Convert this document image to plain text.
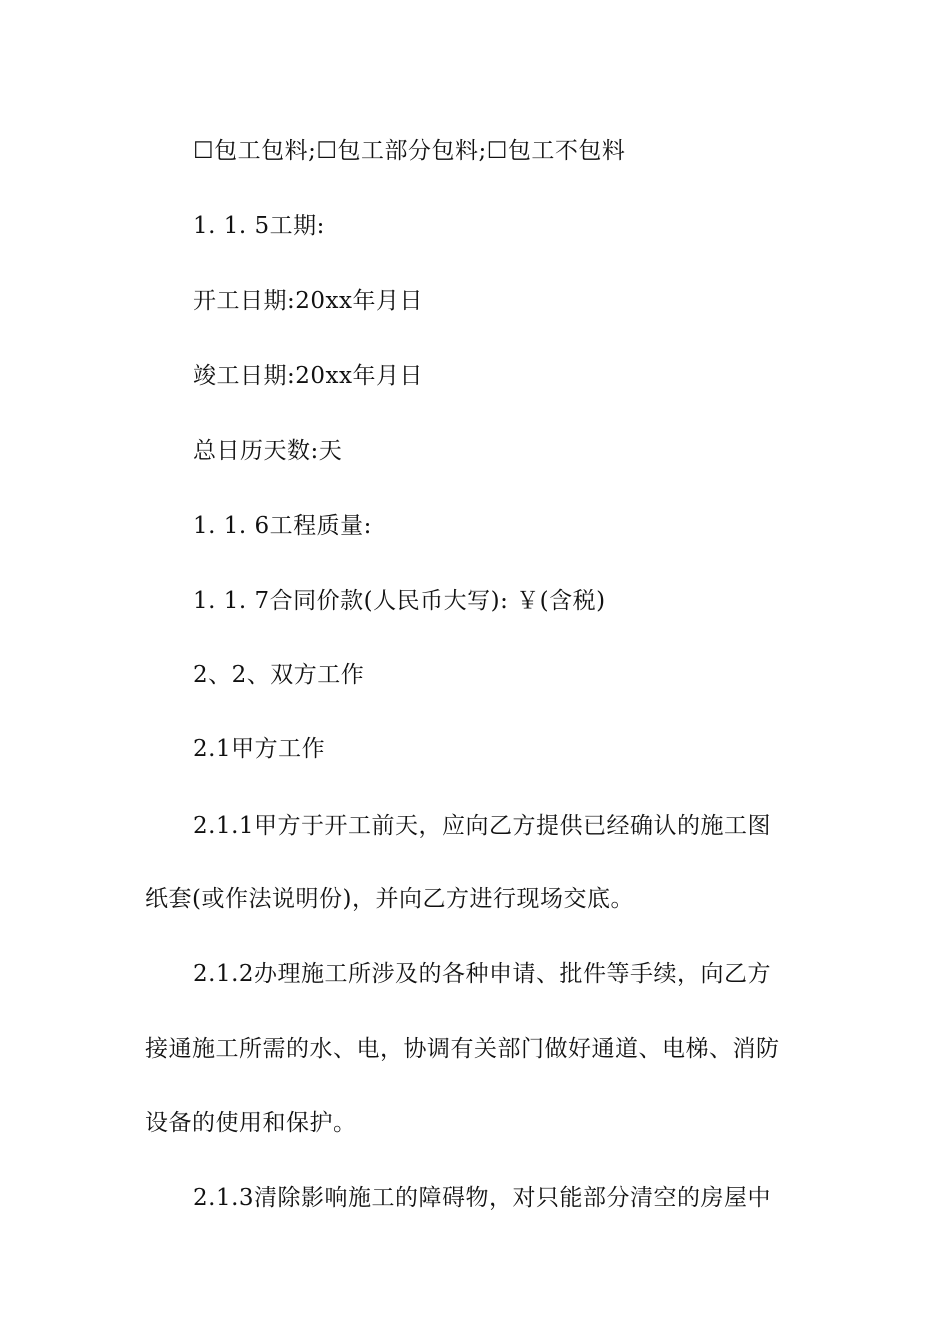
☐包工包料;☐包工部分包料;☐包工不包料
1. 1. 5工期:
开工日期:20xx年月日
竣工日期:20xx年月日
总日历天数:天
1. 1. 6工程质量:
1. 1. 7合同价款(人民币大写): ￥(含税)
2、2、双方工作
2.1甲方工作
2.1.1甲方于开工前天，应向乙方提供已经确认的施工图
纸套(或作法说明份)，并向乙方进行现场交底。
2.1.2办理施工所涉及的各种申请、批件等手续，向乙方
接通施工所需的水、电，协调有关部门做好通道、电梯、消防
设备的使用和保护。
2.1.3清除影响施工的障碍物，对只能部分清空的房屋中
